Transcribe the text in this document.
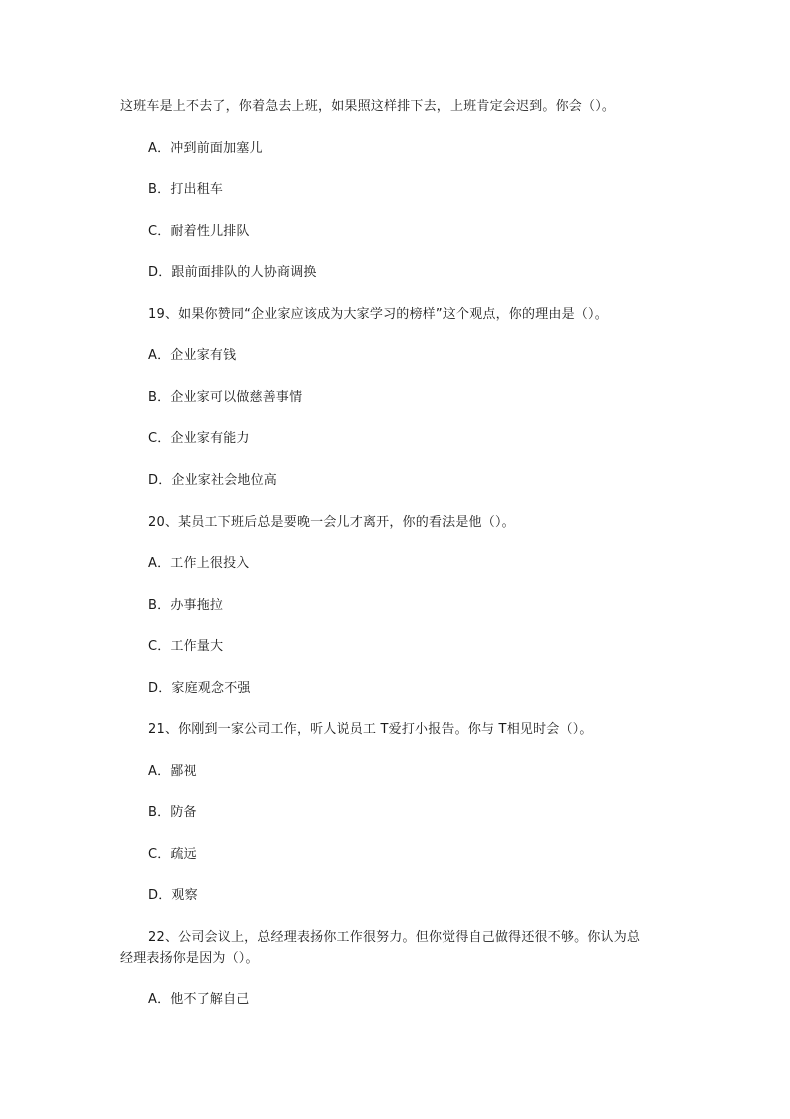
这班车是上不去了，你着急去上班，如果照这样排下去，上班肯定会迟到。你会（）。
A．冲到前面加塞儿
B．打出租车
C．耐着性儿排队
D．跟前面排队的人协商调换
19、如果你赞同“企业家应该成为大家学习的榜样”这个观点，你的理由是（）。
A．企业家有钱
B．企业家可以做慈善事情
C．企业家有能力
D．企业家社会地位高
20、某员工下班后总是要晚一会儿才离开，你的看法是他（）。
A．工作上很投入
B．办事拖拉
C．工作量大
D．家庭观念不强
21、你刚到一家公司工作，听人说员工 T爱打小报告。你与 T相见时会（）。
A．鄙视
B．防备
C．疏远
D．观察
22、公司会议上，总经理表扬你工作很努力。但你觉得自己做得还很不够。你认为总
经理表扬你是因为（）。
A．他不了解自己
